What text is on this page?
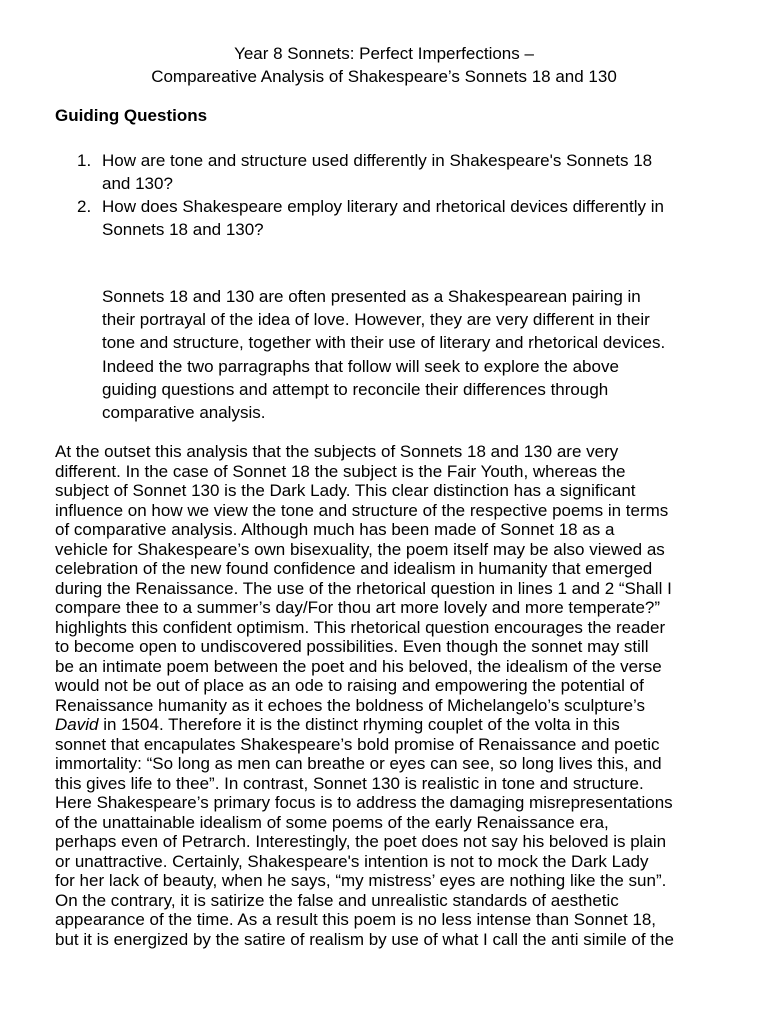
Year 8 Sonnets: Perfect Imperfections –
Compareative Analysis of Shakespeare’s Sonnets 18 and 130
Guiding Questions
1. How are tone and structure used differently in Shakespeare's Sonnets 18
and 130?
2. How does Shakespeare employ literary and rhetorical devices differently in
Sonnets 18 and 130?
Sonnets 18 and 130 are often presented as a Shakespearean pairing in
their portrayal of the idea of love. However, they are very different in their
tone and structure, together with their use of literary and rhetorical devices.
Indeed the two parragraphs that follow will seek to explore the above
guiding questions and attempt to reconcile their differences through
comparative analysis.
At the outset this analysis that the subjects of Sonnets 18 and 130 are very
different. In the case of Sonnet 18 the subject is the Fair Youth, whereas the
subject of Sonnet 130 is the Dark Lady. This clear distinction has a significant
influence on how we view the tone and structure of the respective poems in terms
of comparative analysis. Although much has been made of Sonnet 18 as a
vehicle for Shakespeare’s own bisexuality, the poem itself may be also viewed as
celebration of the new found confidence and idealism in humanity that emerged
during the Renaissance. The use of the rhetorical question in lines 1 and 2 “Shall I
compare thee to a summer’s day/For thou art more lovely and more temperate?”
highlights this confident optimism. This rhetorical question encourages the reader
to become open to undiscovered possibilities. Even though the sonnet may still
be an intimate poem between the poet and his beloved, the idealism of the verse
would not be out of place as an ode to raising and empowering the potential of
Renaissance humanity as it echoes the boldness of Michelangelo’s sculpture’s
David in 1504. Therefore it is the distinct rhyming couplet of the volta in this
sonnet that encapulates Shakespeare’s bold promise of Renaissance and poetic
immortality: “So long as men can breathe or eyes can see, so long lives this, and
this gives life to thee”. In contrast, Sonnet 130 is realistic in tone and structure.
Here Shakespeare’s primary focus is to address the damaging misrepresentations
of the unattainable idealism of some poems of the early Renaissance era,
perhaps even of Petrarch. Interestingly, the poet does not say his beloved is plain
or unattractive. Certainly, Shakespeare's intention is not to mock the Dark Lady
for her lack of beauty, when he says, “my mistress’ eyes are nothing like the sun”.
On the contrary, it is satirize the false and unrealistic standards of aesthetic
appearance of the time. As a result this poem is no less intense than Sonnet 18,
but it is energized by the satire of realism by use of what I call the anti simile of the
